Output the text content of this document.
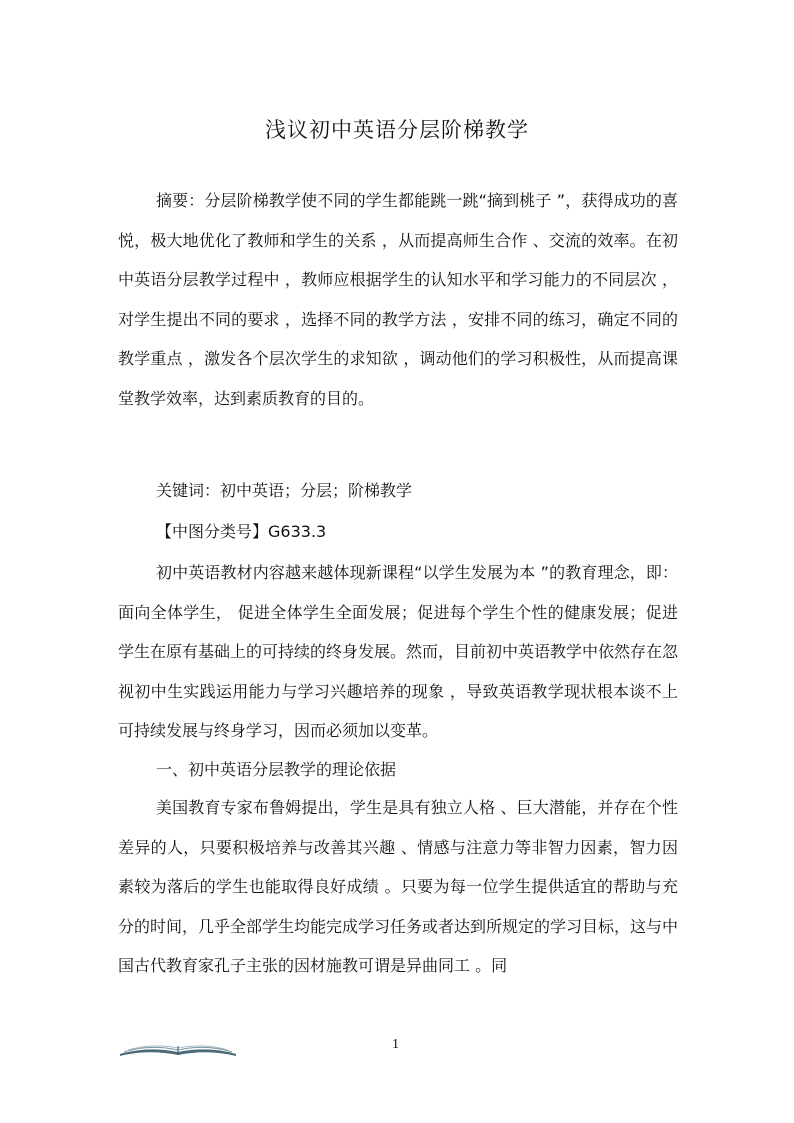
浅议初中英语分层阶梯教学

摘要：分层阶梯教学使不同的学生都能跳一跳“摘到桃子 ”，获得成功的喜悦，极大地优化了教师和学生的关系 ，从而提高师生合作 、交流的效率。在初中英语分层教学过程中 ，教师应根据学生的认知水平和学习能力的不同层次 ，对学生提出不同的要求 ，选择不同的教学方法 ，安排不同的练习，确定不同的教学重点 ，激发各个层次学生的求知欲 ，调动他们的学习积极性，从而提高课堂教学效率，达到素质教育的目的。

关键词：初中英语；分层；阶梯教学

【中图分类号】G633.3

初中英语教材内容越来越体现新课程“以学生发展为本 ”的教育理念，即：面向全体学生， 促进全体学生全面发展；促进每个学生个性的健康发展；促进学生在原有基础上的可持续的终身发展。然而，目前初中英语教学中依然存在忽视初中生实践运用能力与学习兴趣培养的现象 ，导致英语教学现状根本谈不上可持续发展与终身学习，因而必须加以变革。

一、初中英语分层教学的理论依据

美国教育专家布鲁姆提出，学生是具有独立人格 、巨大潜能，并存在个性差异的人，只要积极培养与改善其兴趣 、情感与注意力等非智力因素，智力因素较为落后的学生也能取得良好成绩 。只要为每一位学生提供适宜的帮助与充分的时间，几乎全部学生均能完成学习任务或者达到所规定的学习目标，这与中国古代教育家孔子主张的因材施教可谓是异曲同工 。同

1
